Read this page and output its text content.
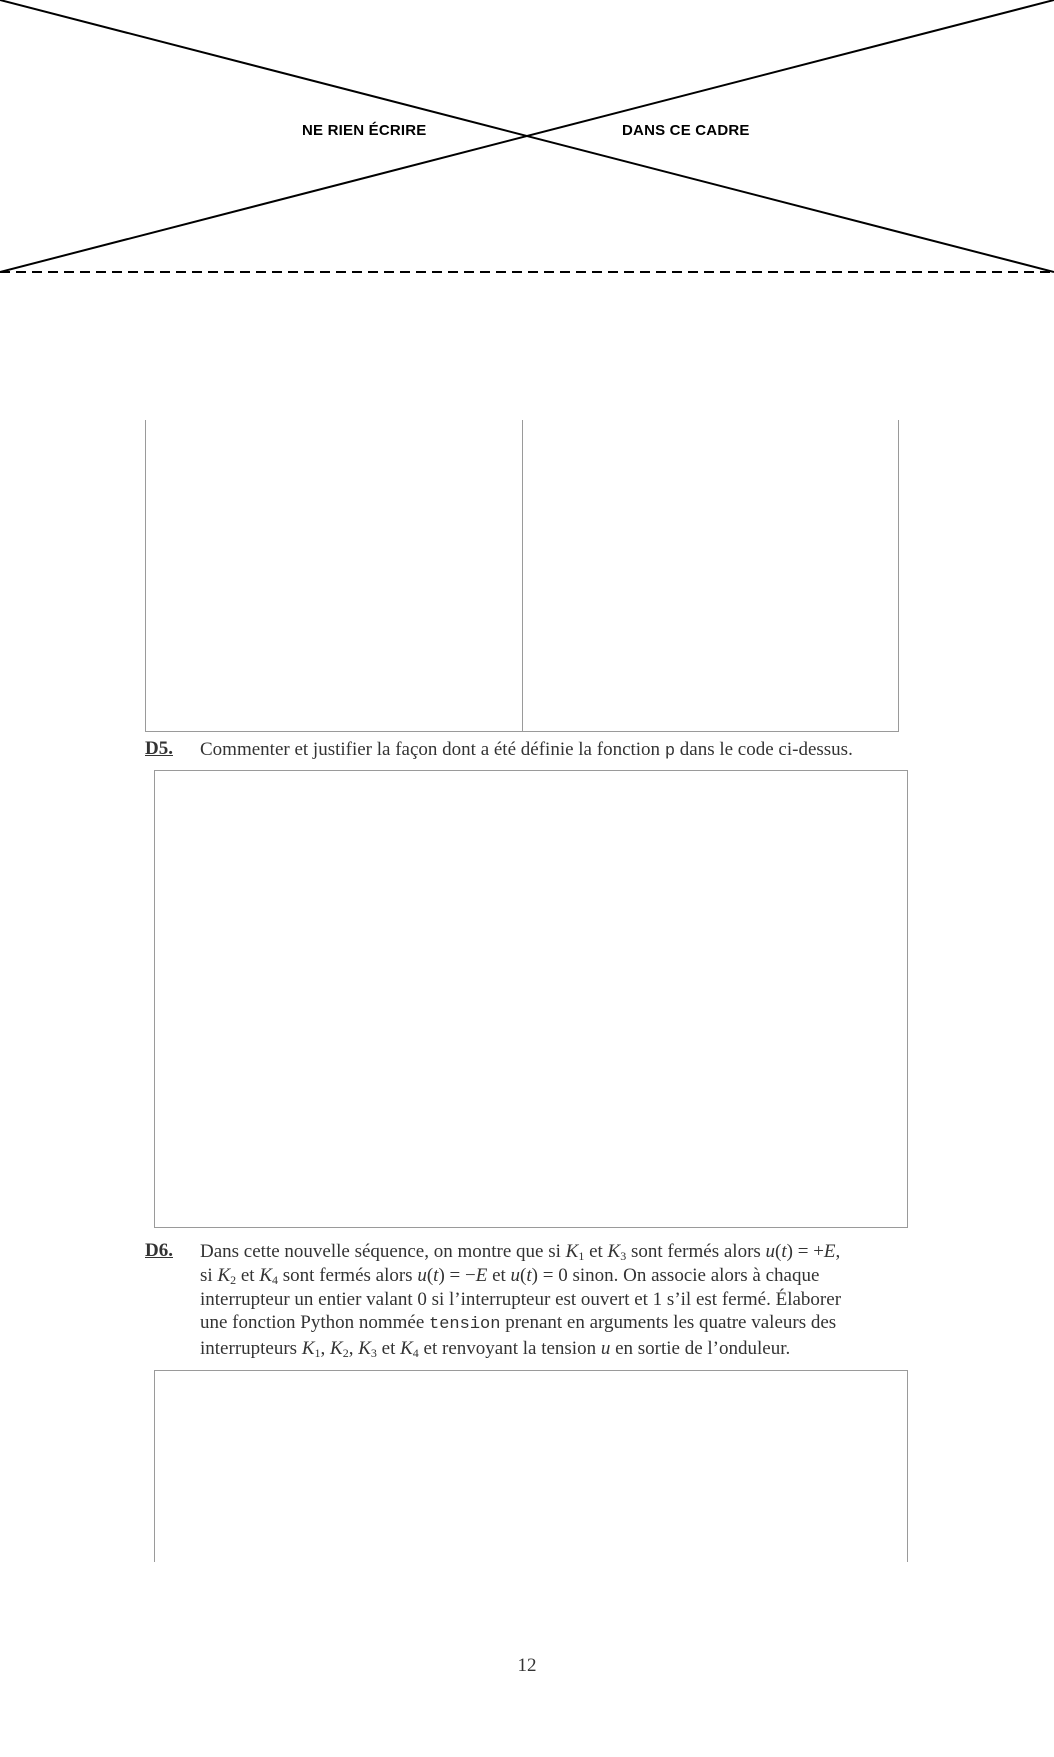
NE RIEN ÉCRIRE	DANS CE CADRE
D5. Commenter et justifier la façon dont a été définie la fonction p dans le code ci-dessus.

D6. Dans cette nouvelle séquence, on montre que si $K_1$ et $K_3$ sont fermés alors u(t) = +E,

si $K_2$ et $K_4$ sont fermés alors u(t) = −E et u(t) = 0 sinon. On associe alors à chaque

interrupteur un entier valant 0 si l’interrupteur est ouvert et 1 s’il est fermé. Élaborer

une fonction Python nommée tension prenant en arguments les quatre valeurs des

interrupteurs $K_1$, $K_2$, $K_3$ et $K_4$ et renvoyant la tension u en sortie de l’onduleur.

12
